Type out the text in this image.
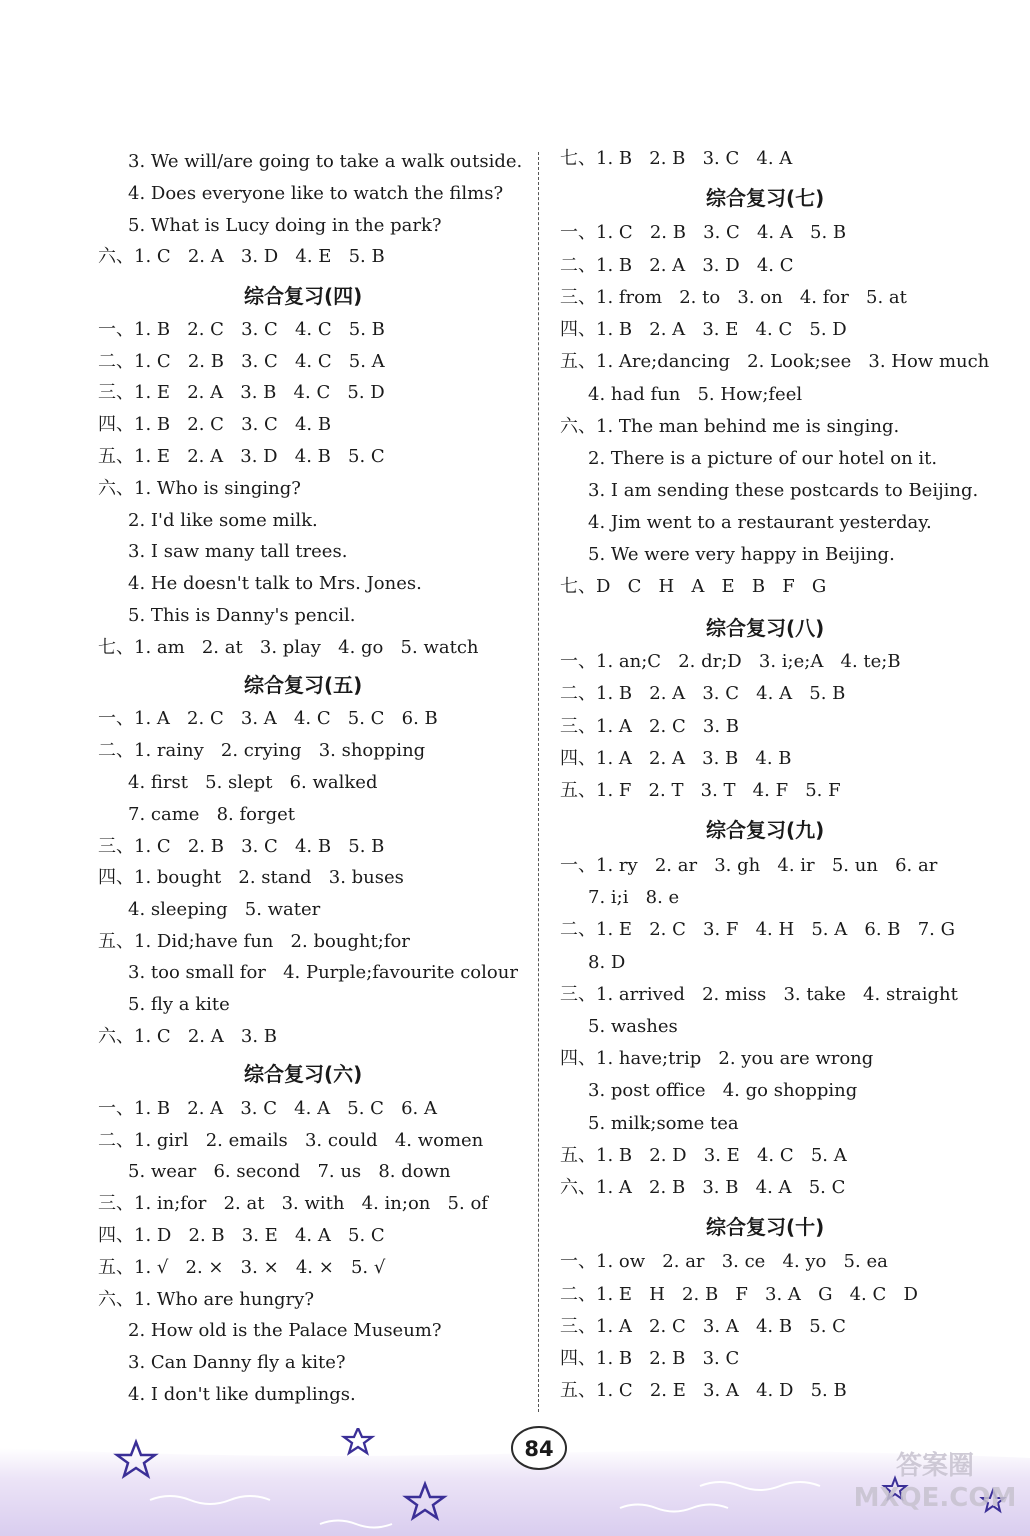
3. We will/are going to take a walk outside.
4. Does everyone like to watch the films?
5. What is Lucy doing in the park?
六、1. C   2. A   3. D   4. E   5. B
综合复习(四)
一、1. B   2. C   3. C   4. C   5. B
二、1. C   2. B   3. C   4. C   5. A
三、1. E   2. A   3. B   4. C   5. D
四、1. B   2. C   3. C   4. B
五、1. E   2. A   3. D   4. B   5. C
六、1. Who is singing?
2. I'd like some milk.
3. I saw many tall trees.
4. He doesn't talk to Mrs. Jones.
5. This is Danny's pencil.
七、1. am   2. at   3. play   4. go   5. watch
综合复习(五)
一、1. A   2. C   3. A   4. C   5. C   6. B
二、1. rainy   2. crying   3. shopping
4. first   5. slept   6. walked
7. came   8. forget
三、1. C   2. B   3. C   4. B   5. B
四、1. bought   2. stand   3. buses
4. sleeping   5. water
五、1. Did;have fun   2. bought;for
3. too small for   4. Purple;favourite colour
5. fly a kite
六、1. C   2. A   3. B
综合复习(六)
一、1. B   2. A   3. C   4. A   5. C   6. A
二、1. girl   2. emails   3. could   4. women
5. wear   6. second   7. us   8. down
三、1. in;for   2. at   3. with   4. in;on   5. of
四、1. D   2. B   3. E   4. A   5. C
五、1. √   2. ×   3. ×   4. ×   5. √
六、1. Who are hungry?
2. How old is the Palace Museum?
3. Can Danny fly a kite?
4. I don't like dumplings.
七、1. B   2. B   3. C   4. A
综合复习(七)
一、1. C   2. B   3. C   4. A   5. B
二、1. B   2. A   3. D   4. C
三、1. from   2. to   3. on   4. for   5. at
四、1. B   2. A   3. E   4. C   5. D
五、1. Are;dancing   2. Look;see   3. How much
4. had fun   5. How;feel
六、1. The man behind me is singing.
2. There is a picture of our hotel on it.
3. I am sending these postcards to Beijing.
4. Jim went to a restaurant yesterday.
5. We were very happy in Beijing.
七、D   C   H   A   E   B   F   G
综合复习(八)
一、1. an;C   2. dr;D   3. i;e;A   4. te;B
二、1. B   2. A   3. C   4. A   5. B
三、1. A   2. C   3. B
四、1. A   2. A   3. B   4. B
五、1. F   2. T   3. T   4. F   5. F
综合复习(九)
一、1. ry   2. ar   3. gh   4. ir   5. un   6. ar
7. i;i   8. e
二、1. E   2. C   3. F   4. H   5. A   6. B   7. G
8. D
三、1. arrived   2. miss   3. take   4. straight
5. washes
四、1. have;trip   2. you are wrong
3. post office   4. go shopping
5. milk;some tea
五、1. B   2. D   3. E   4. C   5. A
六、1. A   2. B   3. B   4. A   5. C
综合复习(十)
一、1. ow   2. ar   3. ce   4. yo   5. ea
二、1. E   H   2. B   F   3. A   G   4. C   D
三、1. A   2. C   3. A   4. B   5. C
四、1. B   2. B   3. C
五、1. C   2. E   3. A   4. D   5. B
答案圈 MXQE.COM
84
